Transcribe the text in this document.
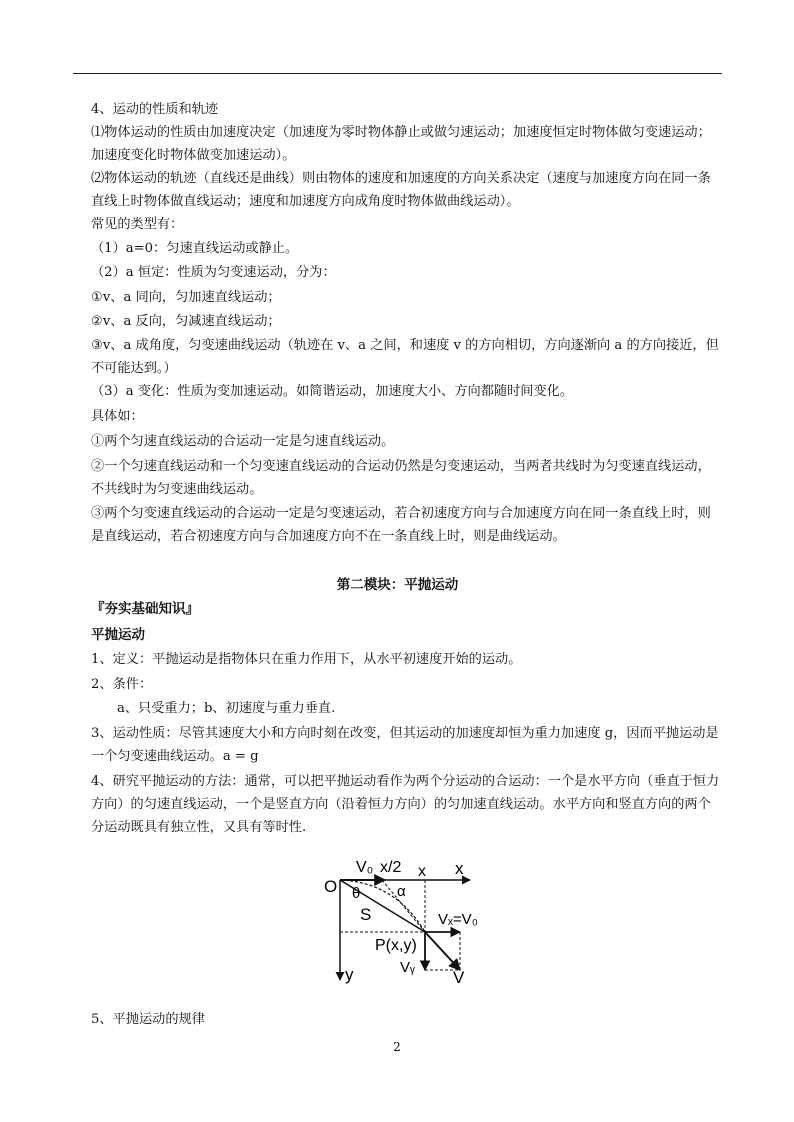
4、运动的性质和轨迹

⑴物体运动的性质由加速度决定（加速度为零时物体静止或做匀速运动；加速度恒定时物体做匀变速运动；加速度变化时物体做变加速运动）。

⑵物体运动的轨迹（直线还是曲线）则由物体的速度和加速度的方向关系决定（速度与加速度方向在同一条直线上时物体做直线运动；速度和加速度方向成角度时物体做曲线运动）。

常见的类型有：

（1）a=0：匀速直线运动或静止。

（2）a 恒定：性质为匀变速运动，分为：

①v、a 同向，匀加速直线运动；

②v、a 反向，匀减速直线运动；

③v、a 成角度，匀变速曲线运动（轨迹在 v、a 之间，和速度 v 的方向相切，方向逐渐向 a 的方向接近，但不可能达到。）

（3）a 变化：性质为变加速运动。如简谐运动，加速度大小、方向都随时间变化。

具体如：

①两个匀速直线运动的合运动一定是匀速直线运动。

②一个匀速直线运动和一个匀变速直线运动的合运动仍然是匀变速运动，当两者共线时为匀变速直线运动，不共线时为匀变速曲线运动。

③两个匀变速直线运动的合运动一定是匀变速运动，若合初速度方向与合加速度方向在同一条直线上时，则是直线运动，若合初速度方向与合加速度方向不在一条直线上时，则是曲线运动。

第二模块：平抛运动

『夯实基础知识』

平抛运动

1、定义：平抛运动是指物体只在重力作用下，从水平初速度开始的运动。

2、条件：

a、只受重力；b、初速度与重力垂直.

3、运动性质：尽管其速度大小和方向时刻在改变，但其运动的加速度却恒为重力加速度 g，因而平抛运动是一个匀变速曲线运动。a = g

4、研究平抛运动的方法：通常，可以把平抛运动看作为两个分运动的合运动：一个是水平方向（垂直于恒力方向）的匀速直线运动，一个是竖直方向（沿着恒力方向）的匀加速直线运动。水平方向和竖直方向的两个分运动既具有独立性，又具有等时性.

O
V₀ x/2 x x
θ α
S	Vₓ=V₀
P(x,y)
Vᵧ
V
y

5、平抛运动的规律

2
